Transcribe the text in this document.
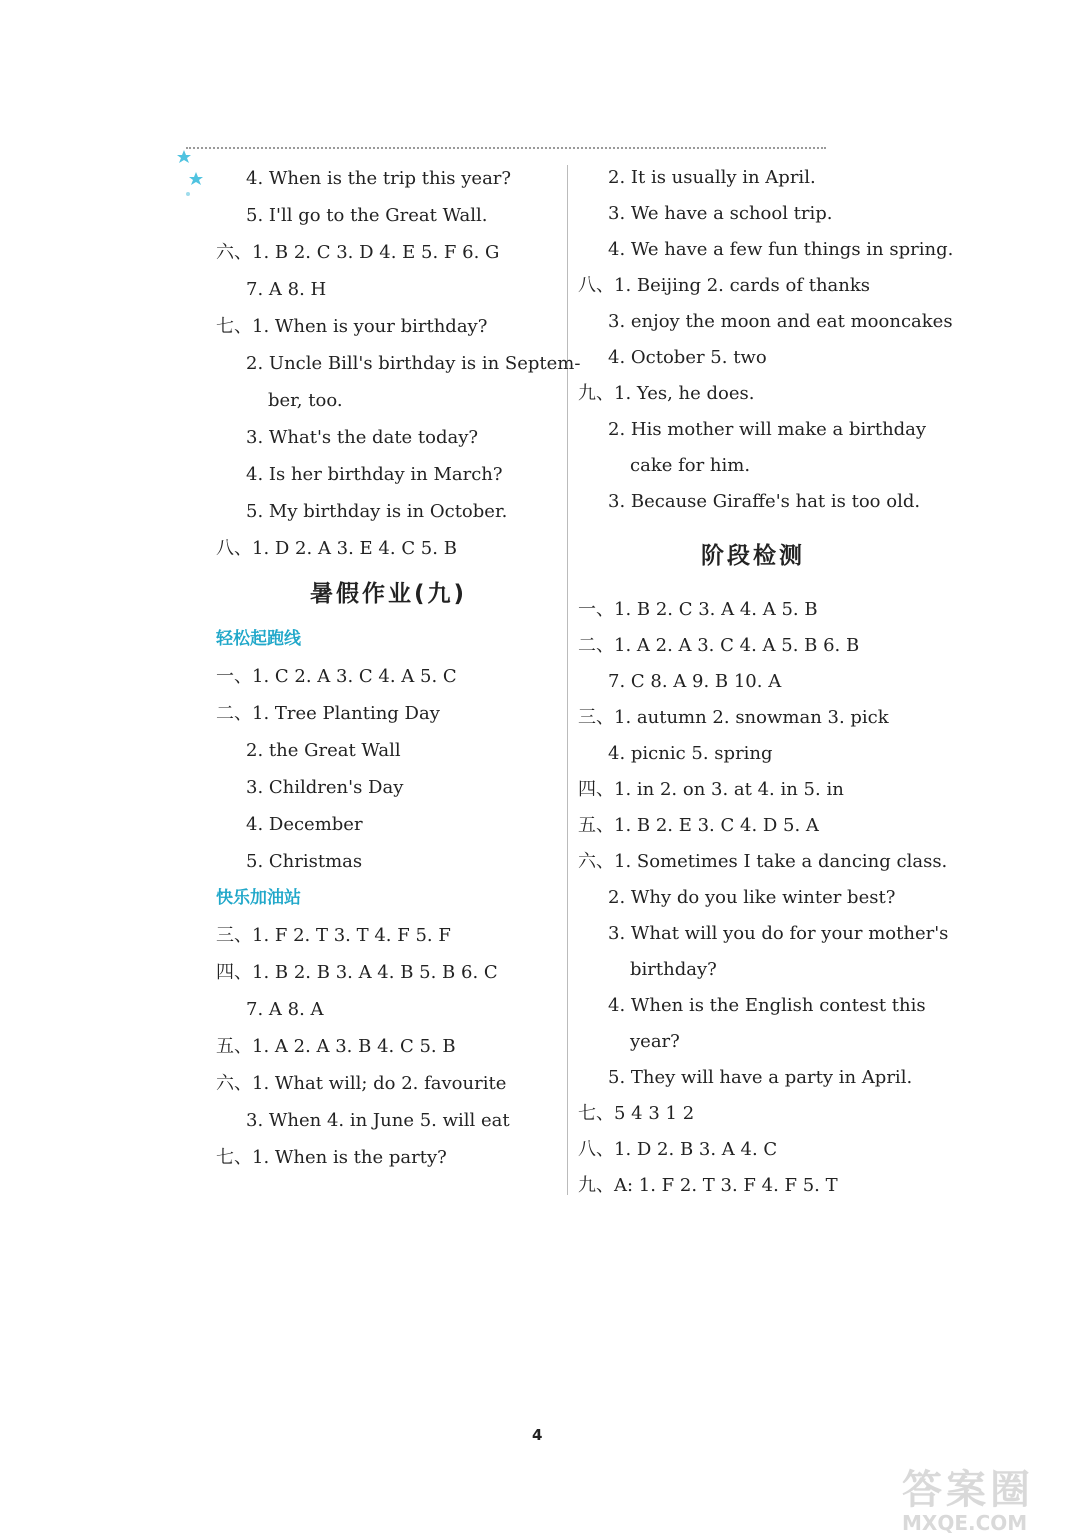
4. When is the trip this year?
5. I'll go to the Great Wall.
六、1. B 2. C 3. D 4. E 5. F 6. G
7. A 8. H
七、1. When is your birthday?
2. Uncle Bill's birthday is in Septem-
ber, too.
3. What's the date today?
4. Is her birthday in March?
5. My birthday is in October.
八、1. D 2. A 3. E 4. C 5. B
暑假作业(九)
轻松起跑线
一、1. C 2. A 3. C 4. A 5. C
二、1. Tree Planting Day
2. the Great Wall
3. Children's Day
4. December
5. Christmas
快乐加油站
三、1. F 2. T 3. T 4. F 5. F
四、1. B 2. B 3. A 4. B 5. B 6. C
7. A 8. A
五、1. A 2. A 3. B 4. C 5. B
六、1. What will; do 2. favourite
3. When 4. in June 5. will eat
七、1. When is the party?
2. It is usually in April.
3. We have a school trip.
4. We have a few fun things in spring.
八、1. Beijing 2. cards of thanks
3. enjoy the moon and eat mooncakes
4. October 5. two
九、1. Yes, he does.
2. His mother will make a birthday
cake for him.
3. Because Giraffe's hat is too old.
阶段检测
一、1. B 2. C 3. A 4. A 5. B
二、1. A 2. A 3. C 4. A 5. B 6. B
7. C 8. A 9. B 10. A
三、1. autumn 2. snowman 3. pick
4. picnic 5. spring
四、1. in 2. on 3. at 4. in 5. in
五、1. B 2. E 3. C 4. D 5. A
六、1. Sometimes I take a dancing class.
2. Why do you like winter best?
3. What will you do for your mother's
birthday?
4. When is the English contest this
year?
5. They will have a party in April.
七、5 4 3 1 2
八、1. D 2. B 3. A 4. C
九、A: 1. F 2. T 3. F 4. F 5. T
4
答案圈
MXQE.COM
